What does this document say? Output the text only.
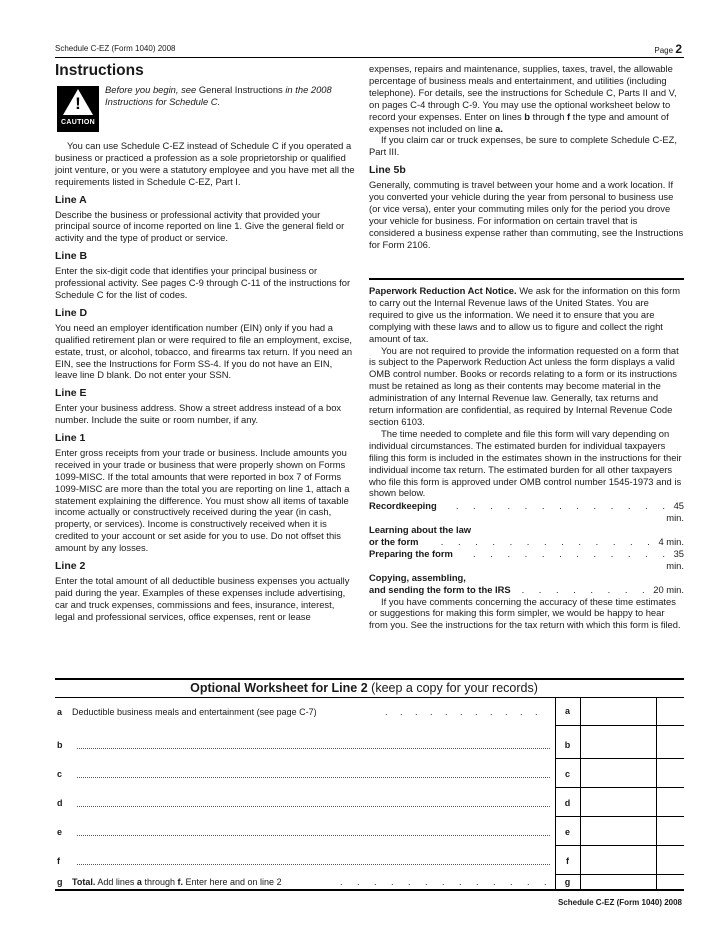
Schedule C-EZ (Form 1040) 2008	Page 2
Instructions
!
CAUTION
Before you begin, see General Instructions in the 2008 Instructions for Schedule C.

You can use Schedule C-EZ instead of Schedule C if you operated a business or practiced a profession as a sole proprietorship or qualified joint venture, or you were a statutory employee and you have met all the requirements listed in Schedule C-EZ, Part I.

Line A

Describe the business or professional activity that provided your principal source of income reported on line 1. Give the general field or activity and the type of product or service.

Line B

Enter the six-digit code that identifies your principal business or professional activity. See pages C-9 through C-11 of the instructions for Schedule C for the list of codes.

Line D

You need an employer identification number (EIN) only if you had a qualified retirement plan or were required to file an employment, excise, estate, trust, or alcohol, tobacco, and firearms tax return. If you need an EIN, see the Instructions for Form SS-4. If you do not have an EIN, leave line D blank. Do not enter your SSN.

Line E

Enter your business address. Show a street address instead of a box number. Include the suite or room number, if any.

Line 1

Enter gross receipts from your trade or business. Include amounts you received in your trade or business that were properly shown on Forms 1099-MISC. If the total amounts that were reported in box 7 of Forms 1099-MISC are more than the total you are reporting on line 1, attach a statement explaining the difference. You must show all items of taxable income actually or constructively received during the year (in cash, property, or services). Income is constructively received when it is credited to your account or set aside for you to use. Do not offset this amount by any losses.

Line 2

Enter the total amount of all deductible business expenses you actually paid during the year. Examples of these expenses include advertising, car and truck expenses, commissions and fees, insurance, interest, legal and professional services, office expenses, rent or lease

expenses, repairs and maintenance, supplies, taxes, travel, the allowable percentage of business meals and entertainment, and utilities (including telephone). For details, see the instructions for Schedule C, Parts II and V, on pages C-4 through C-9. You may use the optional worksheet below to record your expenses. Enter on lines b through f the type and amount of expenses not included on line a.

If you claim car or truck expenses, be sure to complete Schedule C-EZ, Part III.

Line 5b

Generally, commuting is travel between your home and a work location. If you converted your vehicle during the year from personal to business use (or vice versa), enter your commuting miles only for the period you drove your vehicle for business. For information on certain travel that is considered a business expense rather than commuting, see the Instructions for Form 2106.

Paperwork Reduction Act Notice. We ask for the information on this form to carry out the Internal Revenue laws of the United States. You are required to give us the information. We need it to ensure that you are complying with these laws and to allow us to figure and collect the right amount of tax.

You are not required to provide the information requested on a form that is subject to the Paperwork Reduction Act unless the form displays a valid OMB control number. Books or records relating to a form or its instructions must be retained as long as their contents may become material in the administration of any Internal Revenue law. Generally, tax returns and return information are confidential, as required by Internal Revenue Code section 6103.

The time needed to complete and file this form will vary depending on individual circumstances. The estimated burden for individual taxpayers filing this form is included in the estimates shown in the instructions for their individual income tax return. The estimated burden for all other taxpayers who file this form is approved under OMB control number 1545-1973 and is shown below.

Recordkeeping	. . . . . . . . . . . . . 45 min.
Learning about the law
or the form	. . . . . . . . . . . . . 4 min.
Preparing the form	. . . . . . . . . . . . 35 min.
Copying, assembling,
and sending the form to the IRS	. . . . . . . . 20 min.

If you have comments concerning the accuracy of these time estimates or suggestions for making this form simpler, we would be happy to hear from you. See the instructions for the tax return with which this form is filed.

Optional Worksheet for Line 2 (keep a copy for your records)
a Deductible business meals and entertainment (see page C-7)	. . . . . . . . . . .	a
b	b
c	c
d	d
e	e
f	f
g Total. Add lines a through f. Enter here and on line 2	. . . . . . . . . . . . .	g
Schedule C-EZ (Form 1040) 2008
